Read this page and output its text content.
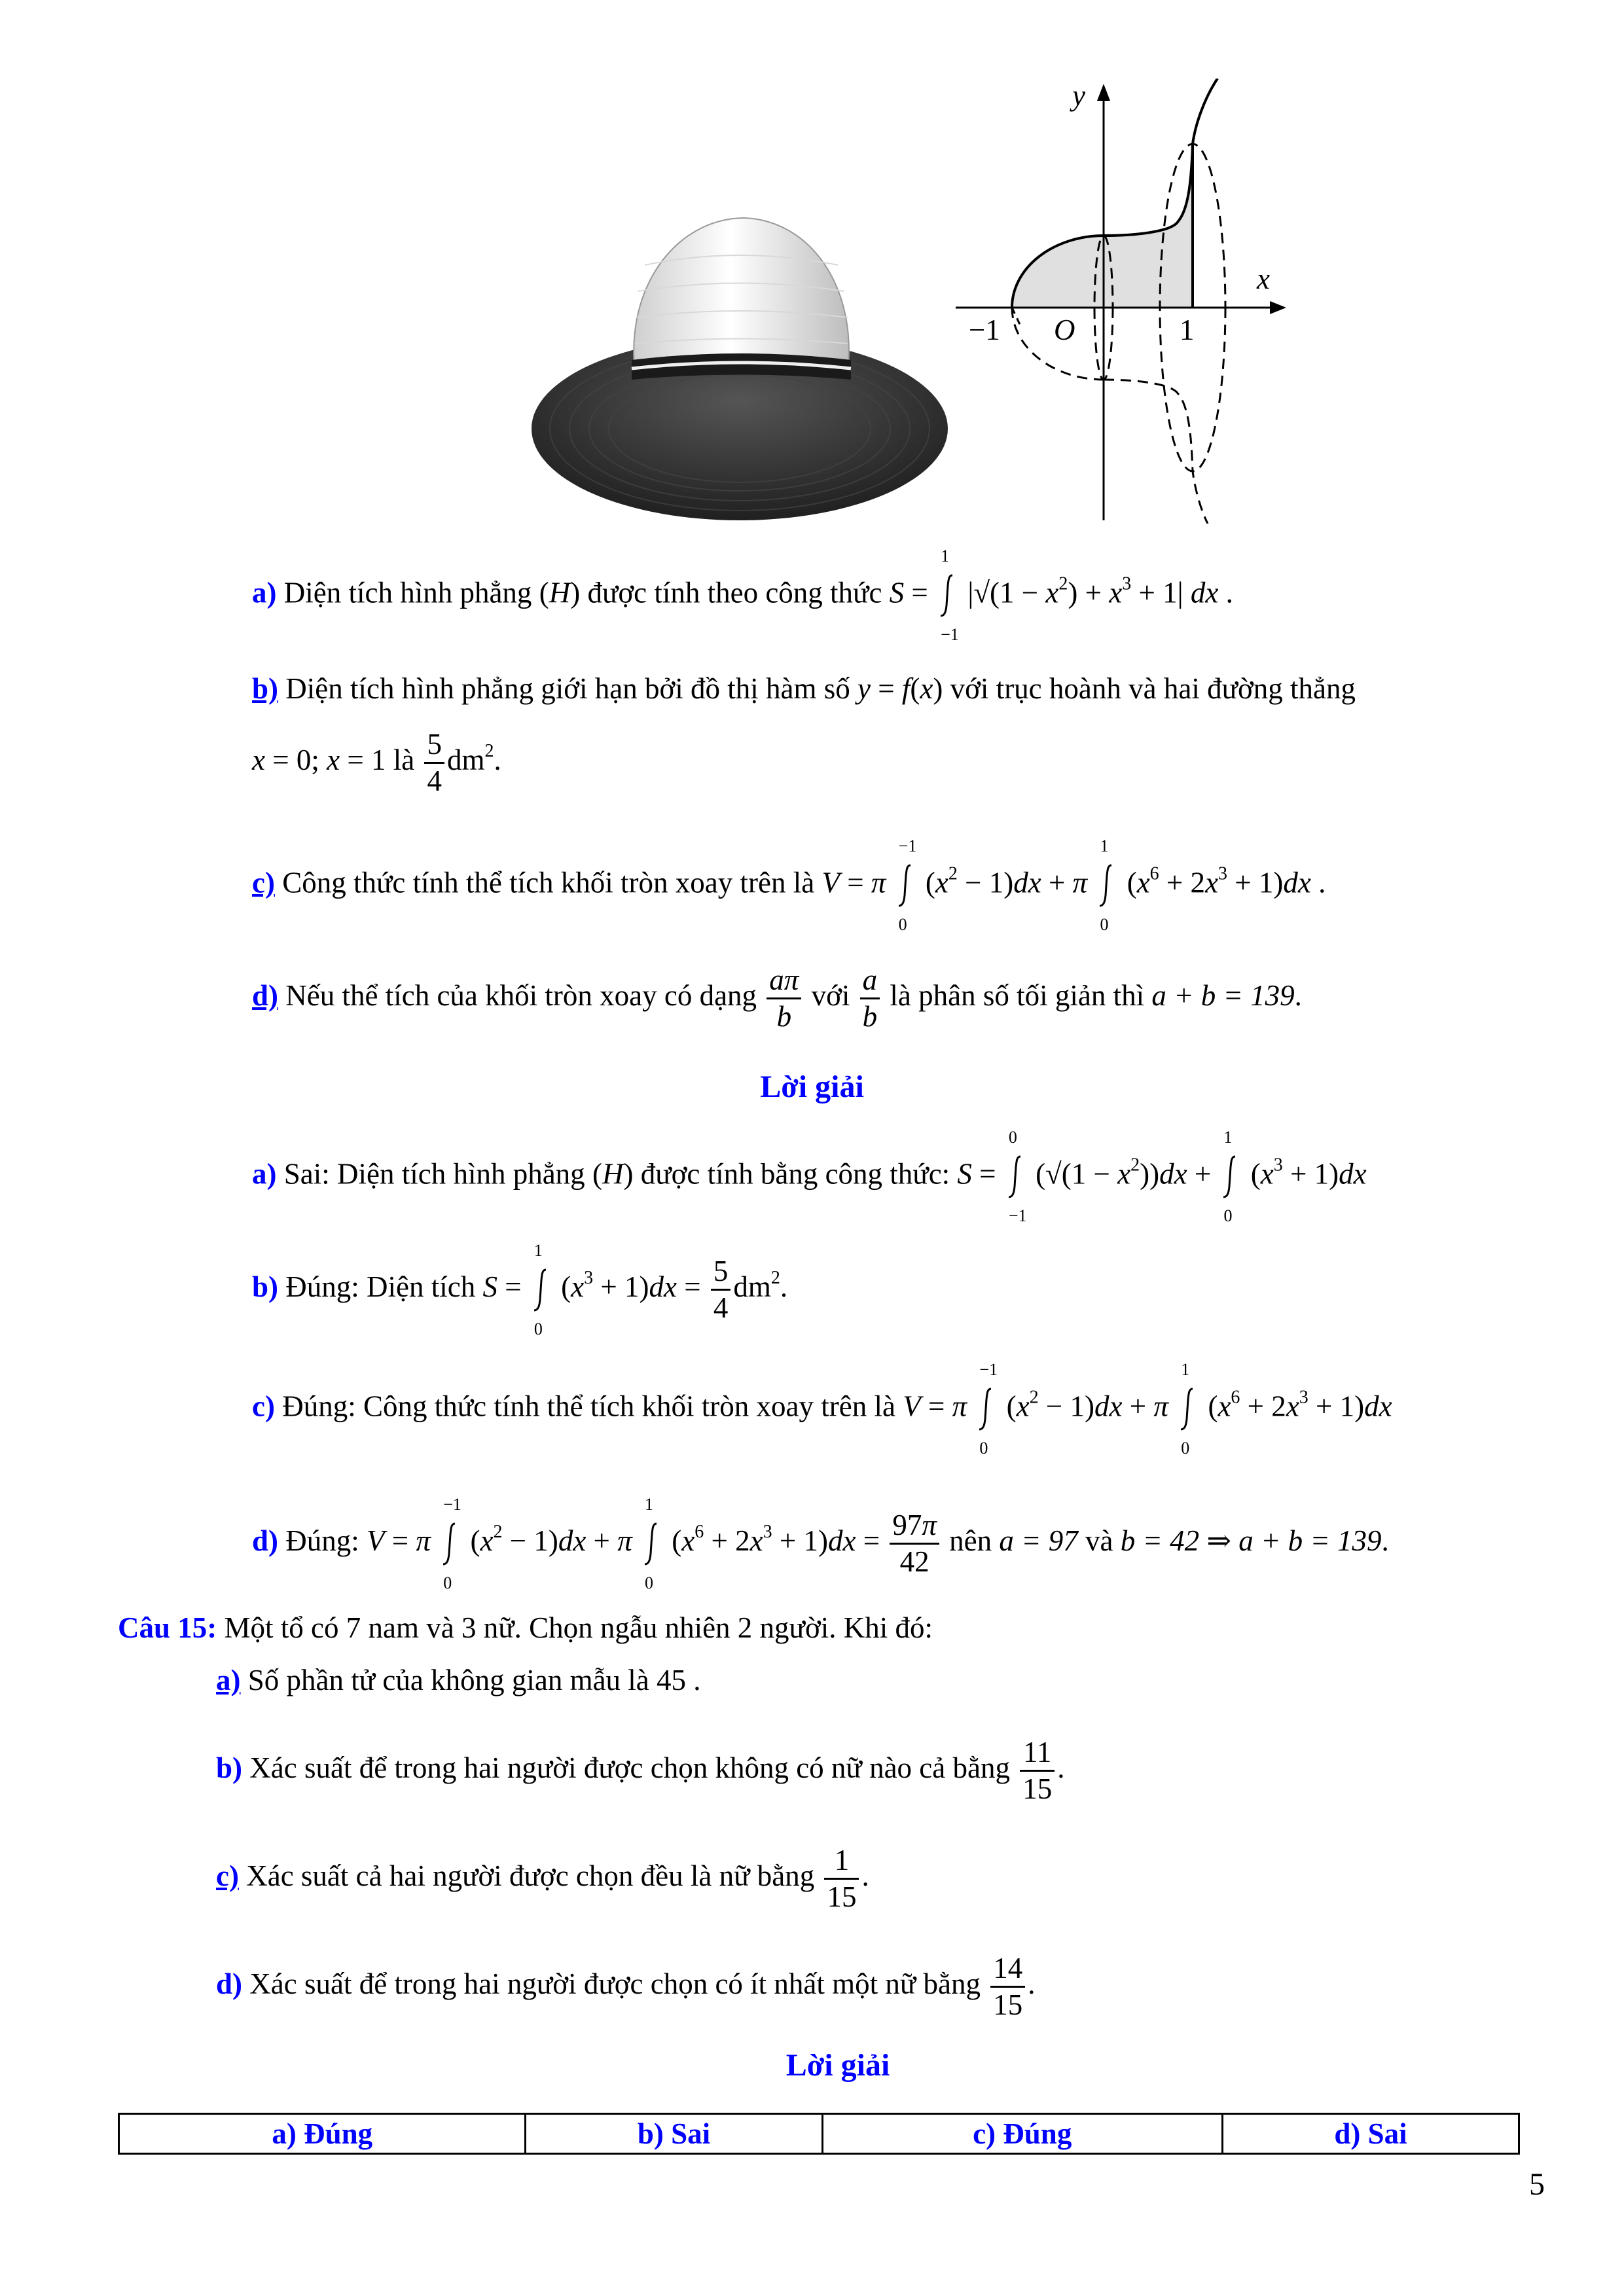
y
x
−1 O	1
a) Diện tích hình phẳng (H) được tính theo công thức S =
1
−1
$|√(1 - x^2) + x^3 + 1|$ dx .
b) Diện tích hình phẳng giới hạn bởi đồ thị hàm số y = f(x) với trục hoành và hai đường thẳng
x = 0; x = 1 là $\frac{5}{4} dm^2$.
c) Công thức tính thể tích khối tròn xoay trên là V = π
−1
0
$(x^2 - 1)dx + \pi$
1
0
$(x^6 + 2x^3 + 1)dx$ .
d) Nếu thể tích của khối tròn xoay có dạng $\frac{a\pi}{b}$ với $\frac{a}{b}$ là phân số tối giản thì a + b = 139.
Lời giải
a) Sai: Diện tích hình phẳng (H) được tính bằng công thức: S =
0
−1
$(√(1 - x^2))dx$ +
1
0
$(x^3 + 1)dx$
b) Đúng: Diện tích S =
1
0
$(x^3 + 1)dx = \frac{5}{4} dm^2$.
c) Đúng: Công thức tính thể tích khối tròn xoay trên là V = π
−1
0
$(x^2 - 1)dx + \pi$
1
0
$(x^6 + 2x^3 + 1)dx$
d) Đúng: V = π
−1
0
$(x^2 - 1)dx + \pi$
1
0
$(x^6 + 2x^3 + 1)dx = \frac{97\pi}{42}$ nên a = 97 và b = 42 ⇒ a + b = 139.
Câu 15: Một tổ có 7 nam và 3 nữ. Chọn ngẫu nhiên 2 người. Khi đó:
a) Số phần tử của không gian mẫu là 45 .
b) Xác suất để trong hai người được chọn không có nữ nào cả bằng $\frac{11}{15}$ .
c) Xác suất cả hai người được chọn đều là nữ bằng $\frac{1}{15}$ .
d) Xác suất để trong hai người được chọn có ít nhất một nữ bằng $\frac{14}{15}$ .
Lời giải
a) Đúng	b) Sai	c) Đúng	d) Sai
5
